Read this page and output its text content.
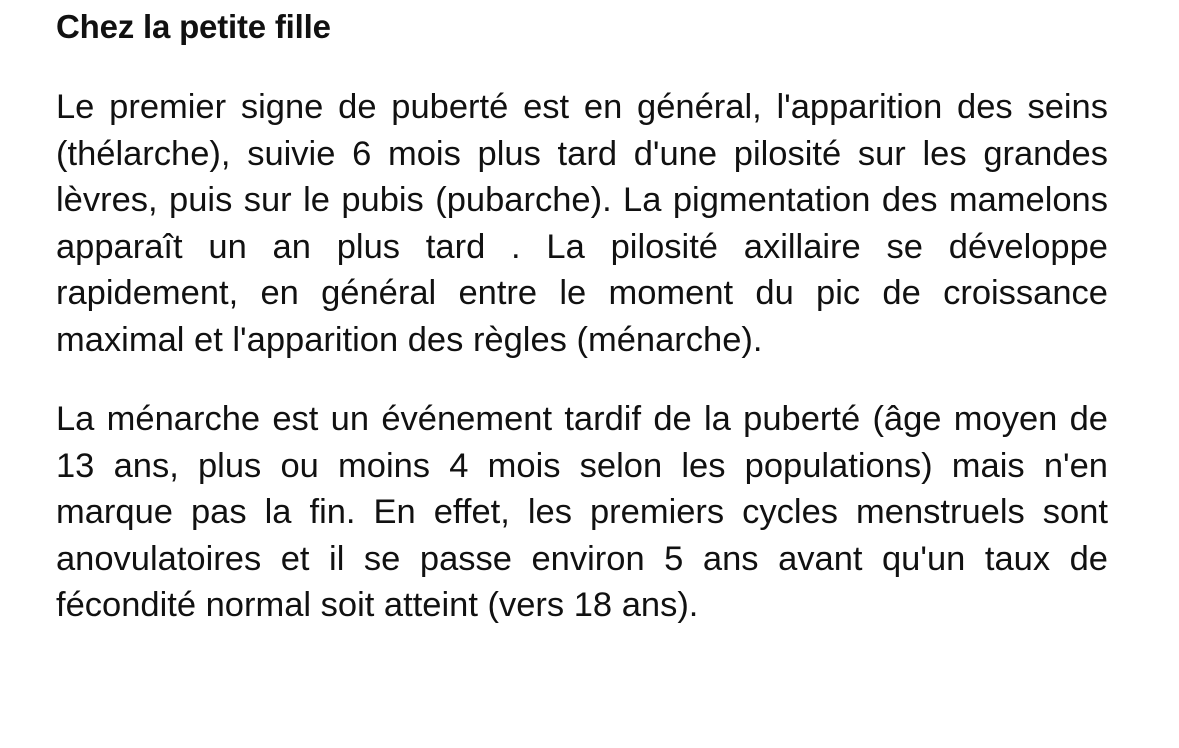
Chez la petite fille

Le premier signe de puberté est en général, l'apparition des seins (thélarche), suivie 6 mois plus tard d'une pilosité sur les grandes lèvres, puis sur le pubis (pubarche). La pigmentation des mamelons apparaît un an plus tard . La pilosité axillaire se développe rapidement, en général entre le moment du pic de croissance maximal et l'apparition des règles (ménarche).

La ménarche est un événement tardif de la puberté (âge moyen de 13 ans, plus ou moins 4 mois selon les populations) mais n'en marque pas la fin. En effet, les premiers cycles menstruels sont anovulatoires et il se passe environ 5 ans avant qu'un taux de fécondité normal soit atteint (vers 18 ans).
